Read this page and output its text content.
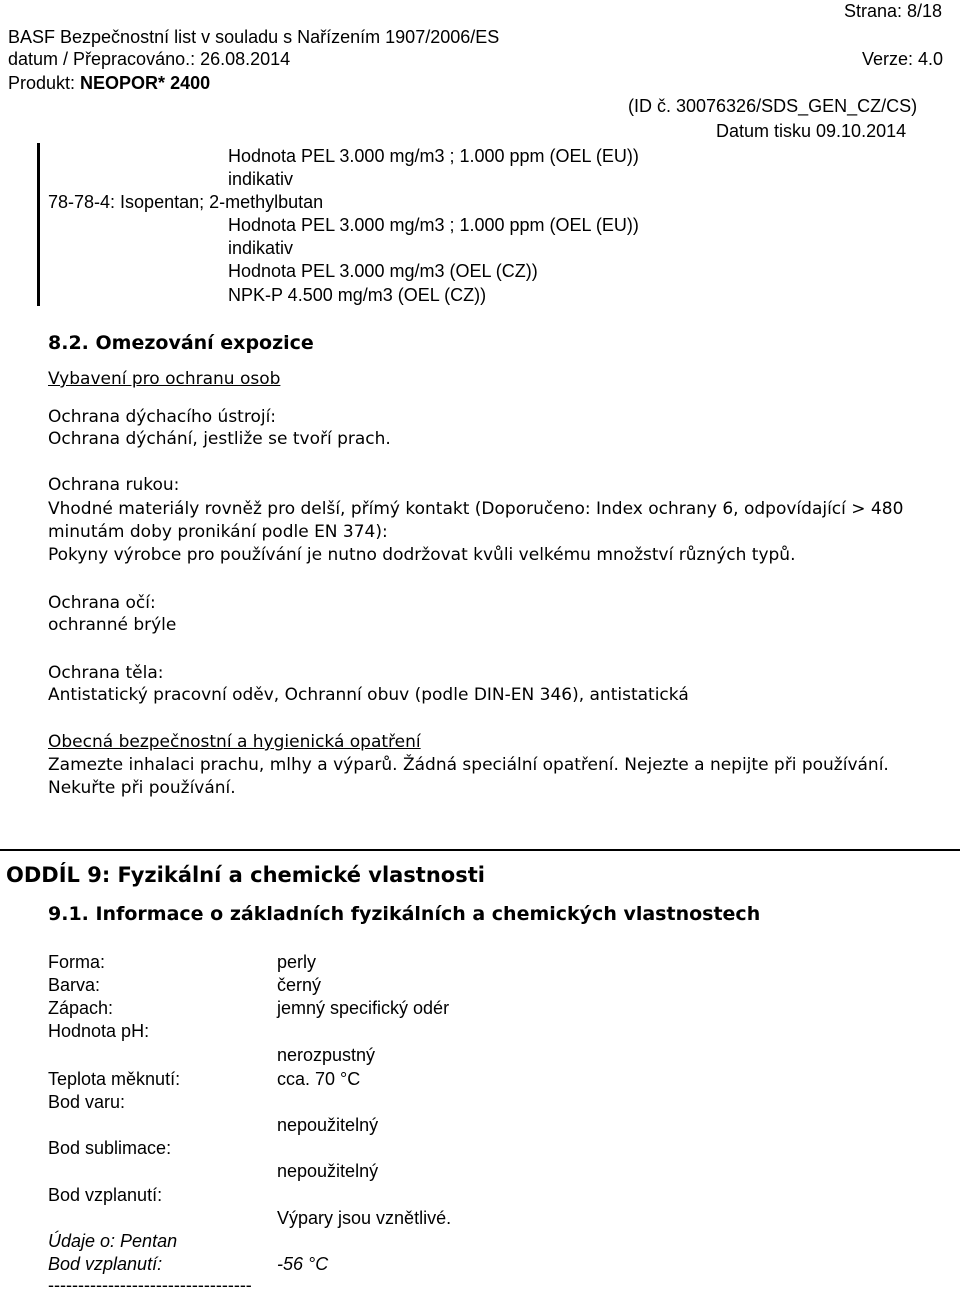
Strana: 8/18
BASF Bezpečnostní list v souladu s Nařízením 1907/2006/ES
datum / Přepracováno.: 26.08.2014	Verze: 4.0
Produkt: NEOPOR* 2400
(ID č. 30076326/SDS_GEN_CZ/CS)
Datum tisku 09.10.2014
Hodnota PEL 3.000 mg/m3 ; 1.000 ppm (OEL (EU))
indikativ
78-78-4: Isopentan; 2-methylbutan
Hodnota PEL 3.000 mg/m3 ; 1.000 ppm (OEL (EU))
indikativ
Hodnota PEL 3.000 mg/m3 (OEL (CZ))
NPK-P 4.500 mg/m3 (OEL (CZ))
8.2. Omezování expozice
Vybavení pro ochranu osob
Ochrana dýchacího ústrojí:
Ochrana dýchání, jestliže se tvoří prach.
Ochrana rukou:
Vhodné materiály rovněž pro delší, přímý kontakt (Doporučeno: Index ochrany 6, odpovídající > 480
minutám doby pronikání podle EN 374):
Pokyny výrobce pro používání je nutno dodržovat kvůli velkému množství různých typů.
Ochrana očí:
ochranné brýle
Ochrana těla:
Antistatický pracovní oděv, Ochranní obuv (podle DIN-EN 346), antistatická
Obecná bezpečnostní a hygienická opatření
Zamezte inhalaci prachu, mlhy a výparů. Žádná speciální opatření. Nejezte a nepijte při používání.
Nekuřte při používání.
ODDÍL 9: Fyzikální a chemické vlastnosti
9.1. Informace o základních fyzikálních a chemických vlastnostech
Forma:	perly
Barva:	černý
Zápach:	jemný specifický odér
Hodnota pH:
nerozpustný
Teplota měknutí:	cca. 70 °C
Bod varu:
nepoužitelný
Bod sublimace:
nepoužitelný
Bod vzplanutí:
Výpary jsou vznětlivé.
Údaje o: Pentan
Bod vzplanutí:	-56 °C
----------------------------------
